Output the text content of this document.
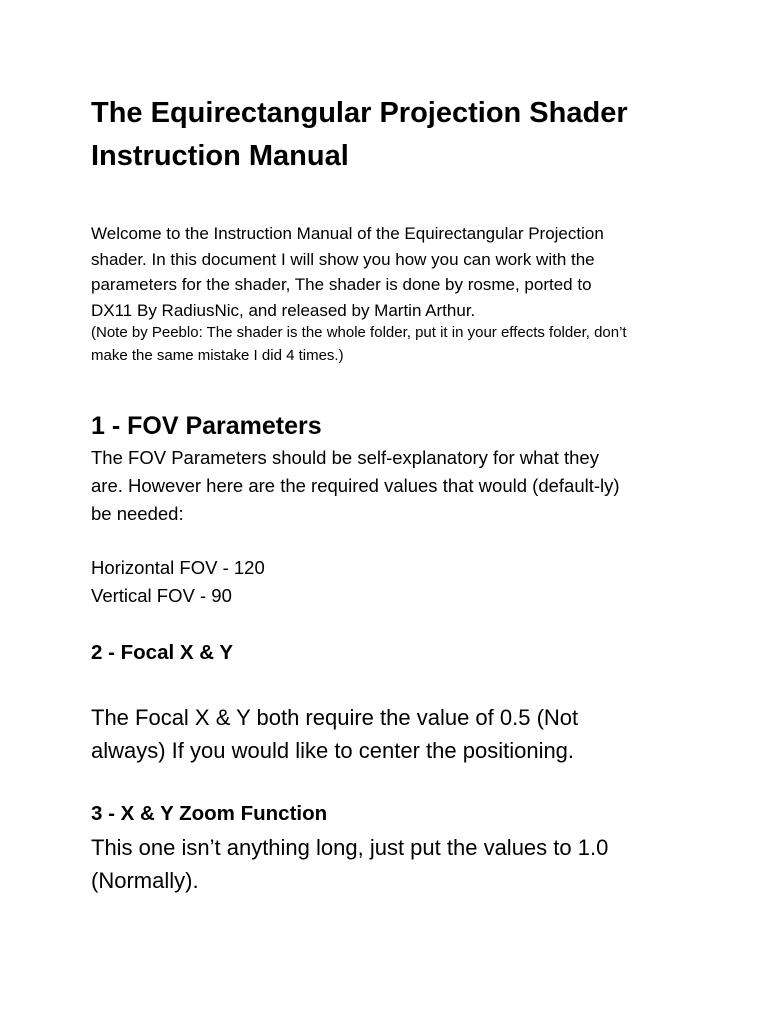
The Equirectangular Projection Shader
Instruction Manual

Welcome to the Instruction Manual of the Equirectangular Projection
shader. In this document I will show you how you can work with the
parameters for the shader, The shader is done by rosme, ported to
DX11 By RadiusNic, and released by Martin Arthur.

(Note by Peeblo: The shader is the whole folder, put it in your effects folder, don’t
make the same mistake I did 4 times.)

1 - FOV Parameters

The FOV Parameters should be self-explanatory for what they
are. However here are the required values that would (default-ly)
be needed:

Horizontal FOV - 120
Vertical FOV - 90

2 - Focal X & Y

The Focal X & Y both require the value of 0.5 (Not
always) If you would like to center the positioning.

3 - X & Y Zoom Function

This one isn’t anything long, just put the values to 1.0
(Normally).
